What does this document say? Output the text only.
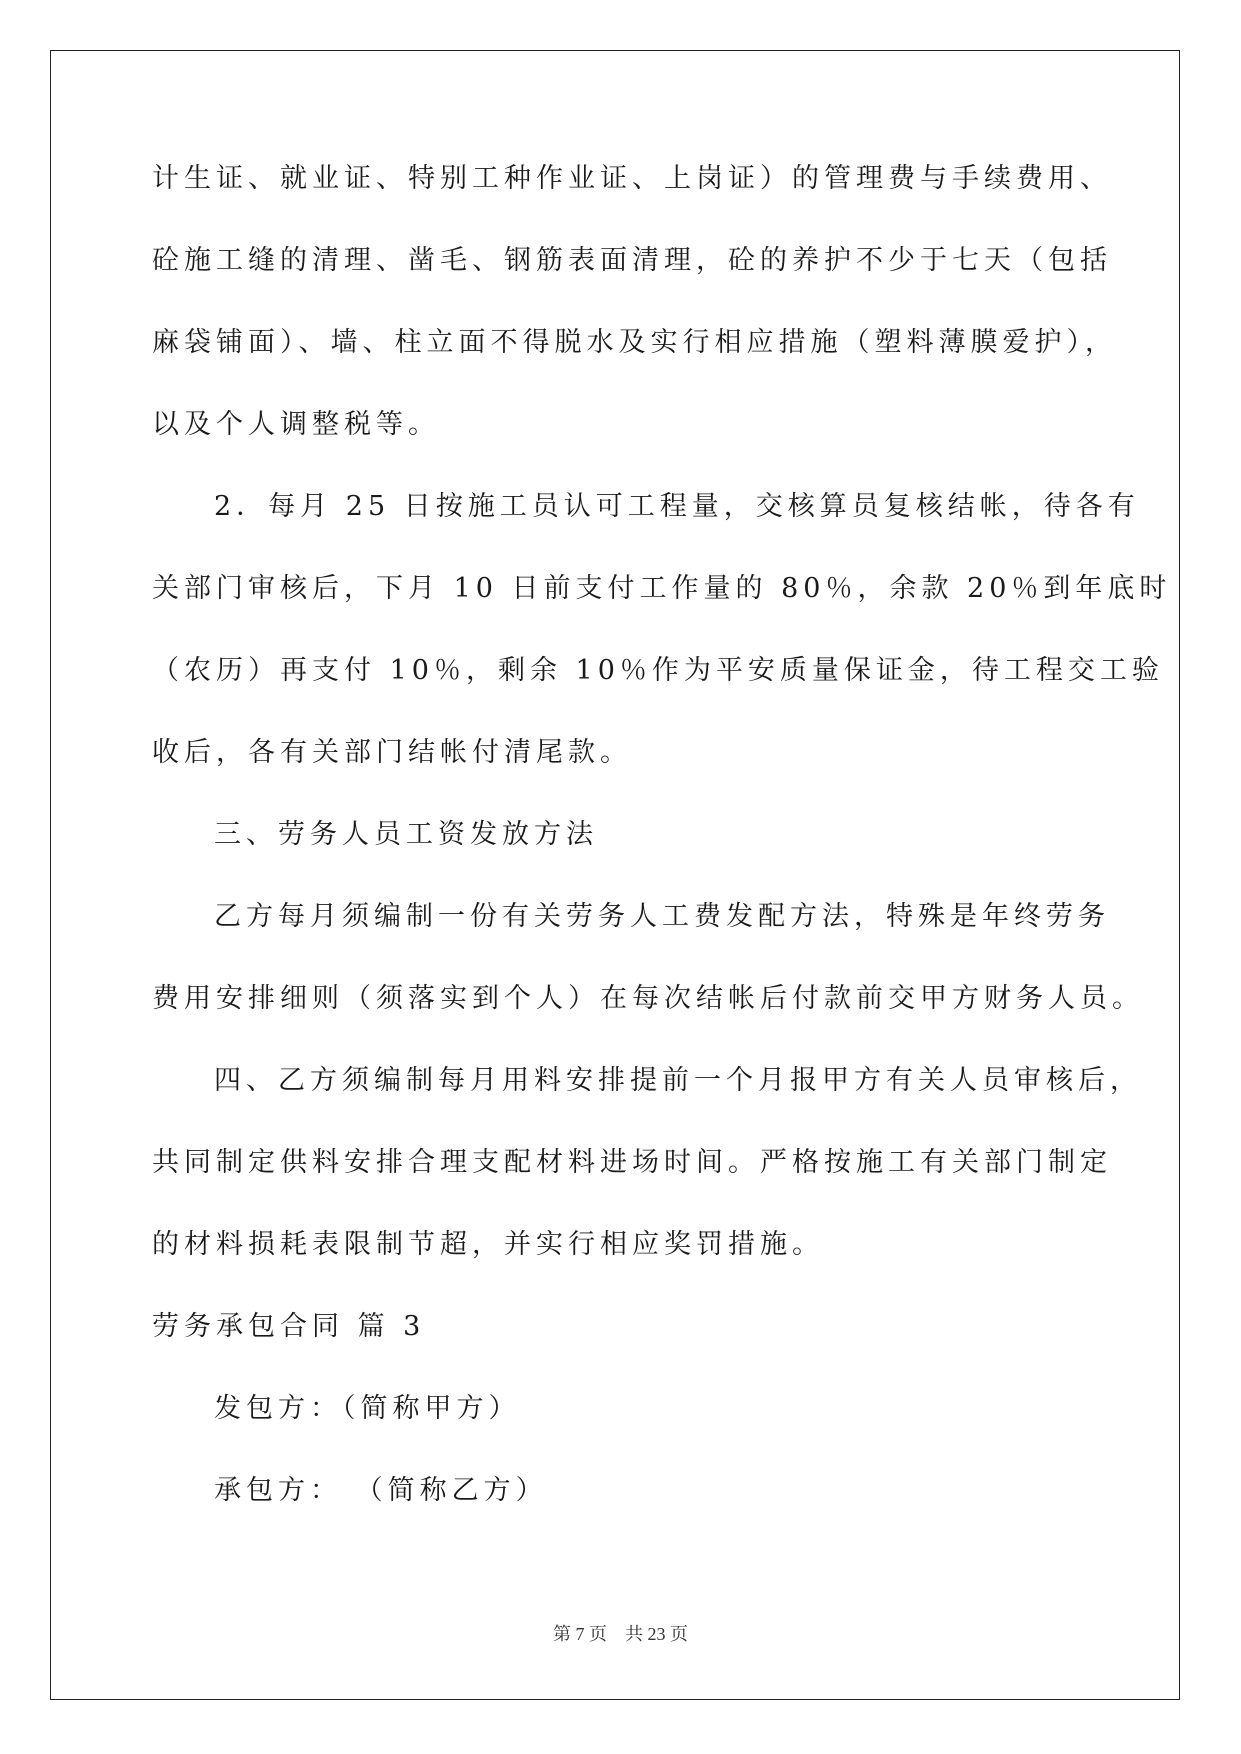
计生证、就业证、特别工种作业证、上岗证）的管理费与手续费用、
砼施工缝的清理、凿毛、钢筋表面清理，砼的养护不少于七天（包括
麻袋铺面）、墙、柱立面不得脱水及实行相应措施（塑料薄膜爱护），
以及个人调整税等。
2．每月 25 日按施工员认可工程量，交核算员复核结帐，待各有
关部门审核后，下月 10 日前支付工作量的 80％，余款 20％到年底时
（农历）再支付 10％，剩余 10％作为平安质量保证金，待工程交工验
收后，各有关部门结帐付清尾款。
三、劳务人员工资发放方法
乙方每月须编制一份有关劳务人工费发配方法，特殊是年终劳务
费用安排细则（须落实到个人）在每次结帐后付款前交甲方财务人员。
四、乙方须编制每月用料安排提前一个月报甲方有关人员审核后，
共同制定供料安排合理支配材料进场时间。严格按施工有关部门制定
的材料损耗表限制节超，并实行相应奖罚措施。
劳务承包合同 篇 3
发包方：（简称甲方）
承包方： （简称乙方）
第 7 页　共 23 页
